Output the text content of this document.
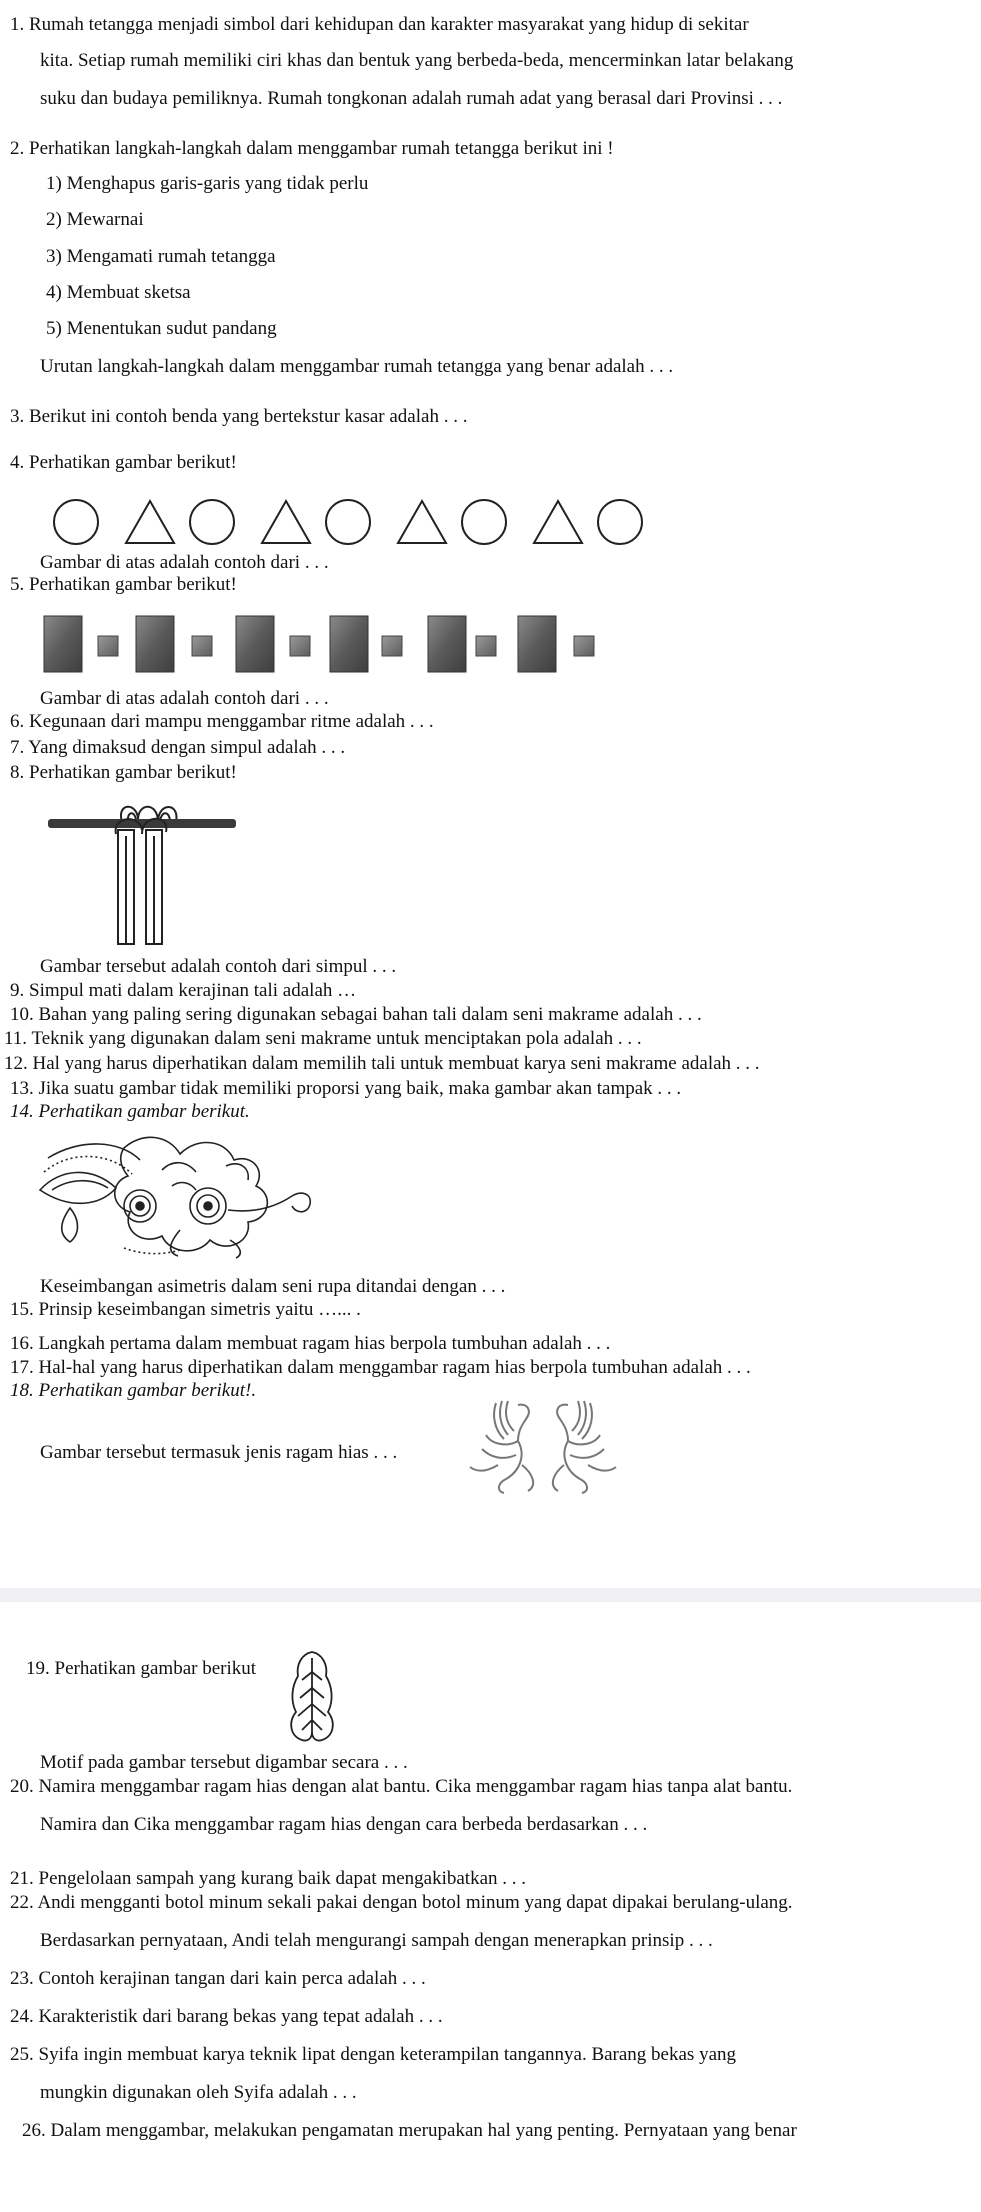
1. Rumah tetangga menjadi simbol dari kehidupan dan karakter masyarakat yang hidup di sekitar
kita. Setiap rumah memiliki ciri khas dan bentuk yang berbeda-beda, mencerminkan latar belakang
suku dan budaya pemiliknya. Rumah tongkonan adalah rumah adat yang berasal dari Provinsi . . .
2. Perhatikan langkah-langkah dalam menggambar rumah tetangga berikut ini !
1) Menghapus garis-garis yang tidak perlu
2) Mewarnai
3) Mengamati rumah tetangga
4) Membuat sketsa
5) Menentukan sudut pandang
Urutan langkah-langkah dalam menggambar rumah tetangga yang benar adalah . . .
3. Berikut ini contoh benda yang bertekstur kasar adalah . . .
4. Perhatikan gambar berikut!
Gambar di atas adalah contoh dari . . .
5. Perhatikan gambar berikut!
Gambar di atas adalah contoh dari . . .
6. Kegunaan dari mampu menggambar ritme adalah . . .
7. Yang dimaksud dengan simpul adalah . . .
8. Perhatikan gambar berikut!
Gambar tersebut adalah contoh dari simpul . . .
9. Simpul mati dalam kerajinan tali adalah …
10. Bahan yang paling sering digunakan sebagai bahan tali dalam seni makrame adalah . . .
11. Teknik yang digunakan dalam seni makrame untuk menciptakan pola adalah . . .
12. Hal yang harus diperhatikan dalam memilih tali untuk membuat karya seni makrame adalah . . .
13. Jika suatu gambar tidak memiliki proporsi yang baik, maka gambar akan tampak . . .
14. Perhatikan gambar berikut.
Keseimbangan asimetris dalam seni rupa ditandai dengan . . .
15. Prinsip keseimbangan simetris yaitu …... .
16. Langkah pertama dalam membuat ragam hias berpola tumbuhan adalah . . .
17. Hal-hal yang harus diperhatikan dalam menggambar ragam hias berpola tumbuhan adalah . . .
18. Perhatikan gambar berikut!.
Gambar tersebut termasuk jenis ragam hias . . .
19. Perhatikan gambar berikut
Motif pada gambar tersebut digambar secara . . .
20. Namira menggambar ragam hias dengan alat bantu. Cika menggambar ragam hias tanpa alat bantu.
Namira dan Cika menggambar ragam hias dengan cara berbeda berdasarkan . . .
21. Pengelolaan sampah yang kurang baik dapat mengakibatkan . . .
22. Andi mengganti botol minum sekali pakai dengan botol minum yang dapat dipakai berulang-ulang.
Berdasarkan pernyataan, Andi telah mengurangi sampah dengan menerapkan prinsip . . .
23. Contoh kerajinan tangan dari kain perca adalah . . .
24. Karakteristik dari barang bekas yang tepat adalah . . .
25. Syifa ingin membuat karya teknik lipat dengan keterampilan tangannya. Barang bekas yang
mungkin digunakan oleh Syifa adalah . . .
26. Dalam menggambar, melakukan pengamatan merupakan hal yang penting. Pernyataan yang benar
